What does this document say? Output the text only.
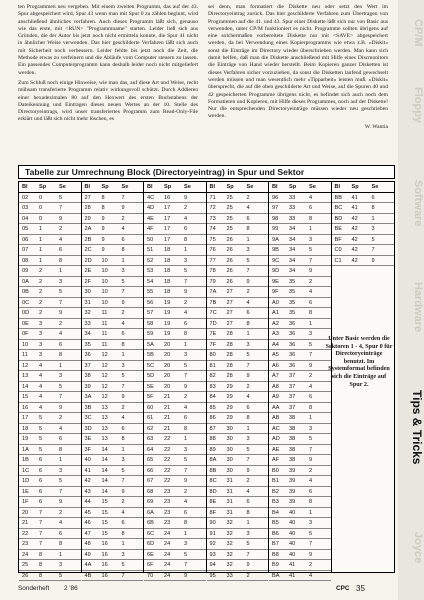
ten Programmen neu vergeben. Mit einem zweiten Programm, das auf der 43. Spur abgespeichert wird, Spur 43 wenn man mit Spur 0 zu zählen beginnt, wird anschließend ähnliches verfahren. Auch dieses Programm läßt sich, genauso wie das erste, mit <RUN> "Programmname" starten. Leider ließ sich aus Gründen, die der Autor bis jetzt noch nicht ermitteln konnte, die Spur 41 nicht in ähnlicher Weise verwenden. Das hier geschilderte Verfahren läßt sich auch mit Sicherheit noch verbessern. Leider fehlte bis jetzt noch die Zeit, die Methode etwas zu verfeinern und die Abläufe vom Computer steuern zu lassen. Ein passendes Computerprogramm kann deshalb leider noch nicht mitgeliefert werden.

Zum Schluß noch einige Hinweise, wie man das, auf diese Art und Weise, recht mühsam transferierte Programm relativ wirkungsvoll schützt. Durch Addieren einer hexadezimalen 80 auf den Hexwert des ersten Buchstabens der Dateikennung und Eintragen dieses neuen Wertes an der 10. Stelle des Directoryeintrags, wird unser transferiertes Programm zum Read-Only-File erklärt und läßt sich nicht mehr löschen, es

sei denn, man formatiert die Diskette neu oder setzt den Wert im Directoryeintrag zurück. Das hier geschilderte Verfahren zum Übertragen von Programmen auf die 41. und 43. Spur einer Diskette läßt sich nur von Basic aus verwenden, unter CP/M funktioniert es nicht. Programme sollten übrigens auf eine solchermaßen vorbereitete Diskette nur mit <SAVE> abgespeichert werden, da bei Verwendung eines Kopierprogramms wie etwa z.B. »Diskit« sonst die Einträge im Directory wieder überschrieben werden. Man kann sich damit helfen, daß man die Diskette anschließend mit Hilfe eines Discmonitors die Einträge von Hand wieder herstellt. Beim Kopieren ganzer Disketten ist dieses Verfahren sicher vorzuziehen, da sonst die Disketten laufend gewechselt werden müssen und man wesentlich mehr »Tipparbeit« leisten muß. »Diskit« übersprecht, die auf die oben geschilderte Art und Weise, auf die Spuren 40 und 42 gespeicherten Programme übrigens nicht, es befindet sich auch noch dem Formatieren und Kopieren, mit Hilfe dieses Programmes, noch auf der Diskette! Nur die entsprechenden Directoryeinträge müssen wieder neu geschrieben werden.

W. Wantia
Tabelle zur Umrechnung Block (Directoryeintrag) in Spur und Sektor
Bl Sp Se
02 0	5
03 0	7
04 0	9
05 1	2
06 1	4
07 1	6
08 1	8
09 2	1
0A 2	3
0B 2	5
0C 2	7
0D 2	9
0E 3	2
0F 3	4
10 3	6
11 3	8
12 4	1
13 4	3
14 4	5
15 4	7
16 4	9
17 5	2
18 5	4
19 5	6
1A 5	8
1B 6	1
1C 6	3
1D 6	5
1E 6	7
1F 6	9
20 7	2
21 7	4
22 7	6
23 7	8
24 8	1
25 8	3
26 8	5
Bl Sp Se
27 8	7
28 8	9
29 9	2
2A 9	4
2B 9	6
2C 9	8
2D 10 1
2E 10 3
2F 10 5
30 10 7
31 10 9
32 11	2
33 11	4
34 11	6
35 11	8
36 12 1
37 12 3
38 12 5
39 12 7
3A 12 9
3B 13 2
3C 13 4
3D 13 6
3E 13 8
3F 14 1
40 14 3
41 14 5
42 14 7
43 14 9
44 15 2
45 15 4
46 15 6
47 15 8
48 16 1
49 16 3
4A 16 5
4B 16 7
Bl Sp Se
4C 16 9
4D 17 2
4E 17 4
4F 17 6
50 17 8
51 18 1
52 18 3
53 18 5
54 18 7
55 18 9
56 19 2
57 19 4
58 19 6
59 19 8
5A 20 1
5B 20 3
5C 20 5
5D 20 7
5E 20 9
5F 21 2
60 21 4
61 21 6
62 21 8
63 22 1
64 22 3
65 22 5
66 22 7
67 22 9
68 23 2
69 23 4
6A 23 6
6B 23 8
6C 24 1
6D 24 3
6E 24 5
6F 24 7
70 24 9
Bl Sp Se
71 25 2
72 25 4
73 25 6
74 25 8
75 26 1
76 26 3
77 26 5
78 26 7
79 26 9
7A 27 2
7B 27 4
7C 27 6
7D 27 8
7E 28 1
7F 28 3
80 28 5
81 28 7
82 28 9
83 29 2
84 29 4
85 29 6
86 29 8
87 30 1
88 30 3
89 30 5
8A 30 7
8B 30 9
8C 31 2
8D 31 4
8E 31 6
8F 31 8
90 32 1
91 32 3
92 32 5
93 32 7
94 32 9
95 33 2
Bl Sp Se
96 33 4
97 33 6
98 33 8
99 34 1
9A 34 3
9B 34 5
9C 34 7
9D 34 9
9E 35 2
9F 35 4
A0 35 6
A1 35 8
A2 36 1
A3 36 3
A4 36 5
A5 36 7
A6 36 9
A7 37 2
A8 37 4
A9 37 6
AA 37 8
AB 38 1
AC 38 3
AD 38 5
AE 38 7
AF 38 9
B0 39 2
B1 39 4
B2 39 6
B3 39 8
B4 40 1
B5 40 3
B6 40 5
B7 40 7
B8 40 9
B9 41 2
BA 41 4
Bl Sp Se
BB 41 6
BC 41 8
BD 42 1
BE 42 3
BF 42 5
C0 42 7
C1 42 9
Unter Basic werden die Sektoren 1 - 4, Spur 0 für Directoryeinträge benutzt. Im Systemformat befinden sich die Einträge auf Spur 2.
CP/M
Floppy
Software
Hardware
Tips & Tricks
Joyce
Sonderheft 2 '86	CPC 35
